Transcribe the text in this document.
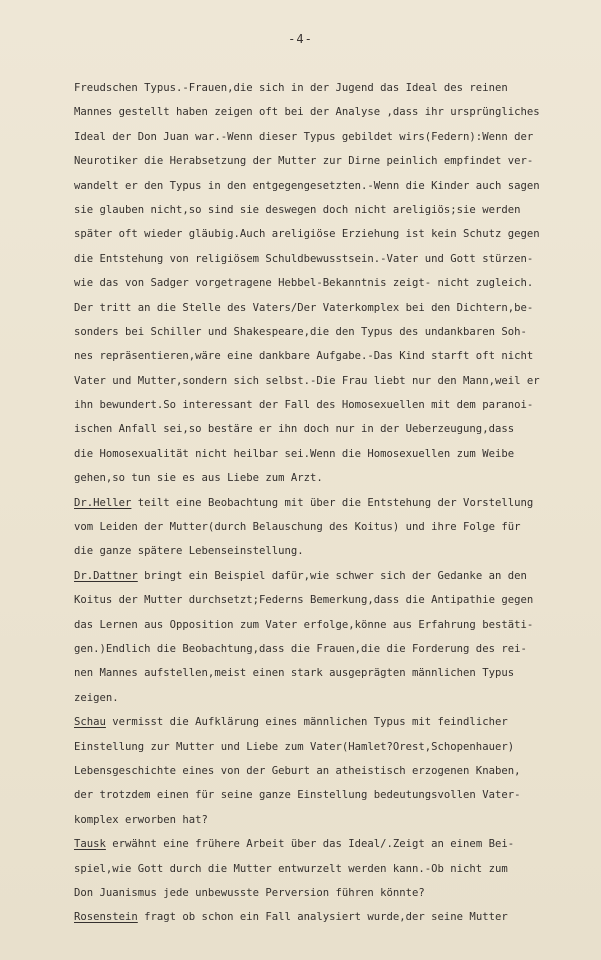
-4-
Freudschen Typus.-Frauen,die sich in der Jugend das Ideal des reinen
Mannes gestellt haben zeigen oft bei der Analyse ,dass ihr ursprüngliches
Ideal der Don Juan war.-Wenn dieser Typus gebildet wirs(Federn):Wenn der
Neurotiker die Herabsetzung der Mutter zur Dirne peinlich empfindet ver-
wandelt er den Typus in den entgegengesetzten.-Wenn die Kinder auch sagen
sie glauben nicht,so sind sie deswegen doch nicht areligiös;sie werden
später oft wieder gläubig.Auch areligiöse Erziehung ist kein Schutz gegen
die Entstehung von religiösem Schuldbewusstsein.-Vater und Gott stürzen-
wie das von Sadger vorgetragene Hebbel-Bekanntnis zeigt- nicht zugleich.
Der tritt an die Stelle des Vaters/Der Vaterkomplex bei den Dichtern,be-
sonders bei Schiller und Shakespeare,die den Typus des undankbaren Soh-
nes repräsentieren,wäre eine dankbare Aufgabe.-Das Kind starft oft nicht
Vater und Mutter,sondern sich selbst.-Die Frau liebt nur den Mann,weil er
ihn bewundert.So interessant der Fall des Homosexuellen mit dem paranoi-
ischen Anfall sei,so bestäre er ihn doch nur in der Ueberzeugung,dass
die Homosexualität nicht heilbar sei.Wenn die Homosexuellen zum Weibe
gehen,so tun sie es aus Liebe zum Arzt.
Dr.Heller teilt eine Beobachtung mit über die Entstehung der Vorstellung
vom Leiden der Mutter(durch Belauschung des Koitus) und ihre Folge für
die ganze spätere Lebenseinstellung.
Dr.Dattner bringt ein Beispiel dafür,wie schwer sich der Gedanke an den
Koitus der Mutter durchsetzt;Federns Bemerkung,dass die Antipathie gegen
das Lernen aus Opposition zum Vater erfolge,könne aus Erfahrung bestäti-
gen.)Endlich die Beobachtung,dass die Frauen,die die Forderung des rei-
nen Mannes aufstellen,meist einen stark ausgeprägten männlichen Typus
zeigen.
Schau vermisst die Aufklärung eines männlichen Typus mit feindlicher
Einstellung zur Mutter und Liebe zum Vater(Hamlet?Orest,Schopenhauer)
Lebensgeschichte eines von der Geburt an atheistisch erzogenen Knaben,
der trotzdem einen für seine ganze Einstellung bedeutungsvollen Vater-
komplex erworben hat?
Tausk erwähnt eine frühere Arbeit über das Ideal/.Zeigt an einem Bei-
spiel,wie Gott durch die Mutter entwurzelt werden kann.-Ob nicht zum
Don Juanismus jede unbewusste Perversion führen könnte?
Rosenstein fragt ob schon ein Fall analysiert wurde,der seine Mutter
